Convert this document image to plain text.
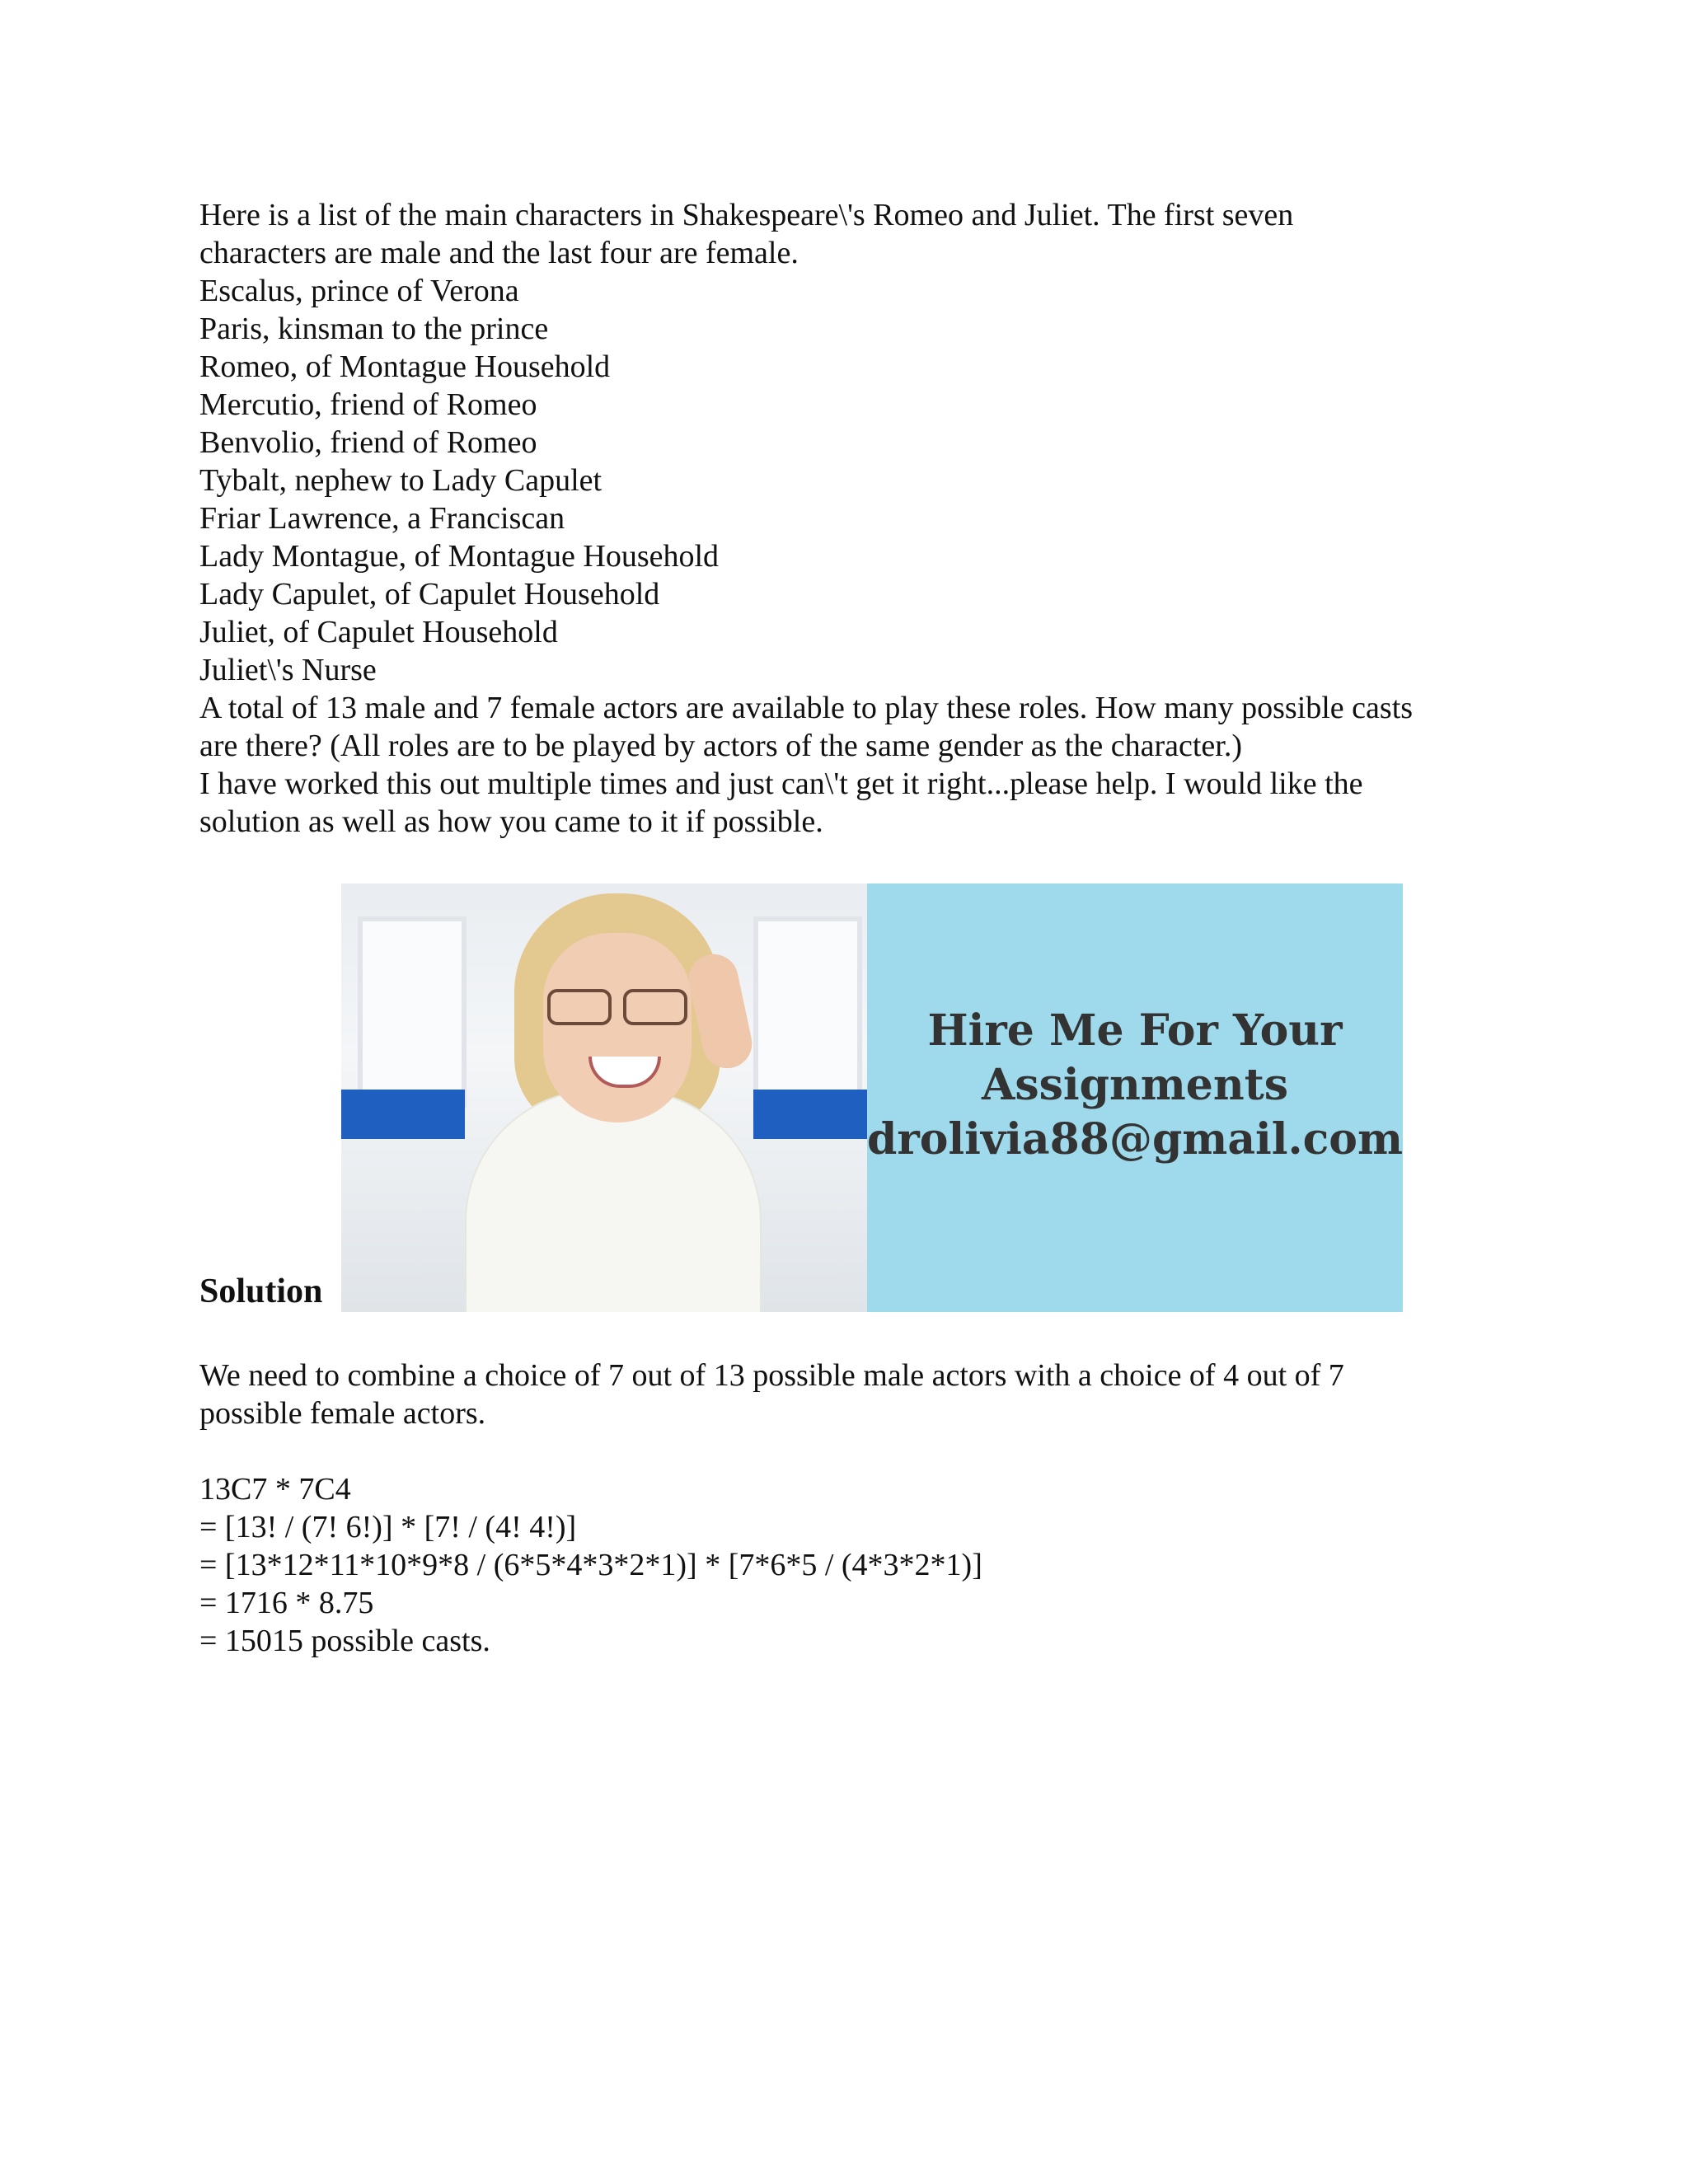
Here is a list of the main characters in Shakespeare\'s Romeo and Juliet. The first seven

characters are male and the last four are female.

Escalus, prince of Verona

Paris, kinsman to the prince

Romeo, of Montague Household

Mercutio, friend of Romeo

Benvolio, friend of Romeo

Tybalt, nephew to Lady Capulet

Friar Lawrence, a Franciscan

Lady Montague, of Montague Household

Lady Capulet, of Capulet Household

Juliet, of Capulet Household

Juliet\'s Nurse

A total of 13 male and 7 female actors are available to play these roles. How many possible casts

are there? (All roles are to be played by actors of the same gender as the character.)

I have worked this out multiple times and just can\'t get it right...please help. I would like the

solution as well as how you came to it if possible.

Solution
Hire Me For Your
Assignments
drolivia88@gmail.com

We need to combine a choice of 7 out of 13 possible male actors with a choice of 4 out of 7

possible female actors.

13C7 * 7C4

= [13! / (7! 6!)] * [7! / (4! 4!)]

= [13*12*11*10*9*8 / (6*5*4*3*2*1)] * [7*6*5 / (4*3*2*1)]

= 1716 * 8.75

= 15015 possible casts.
